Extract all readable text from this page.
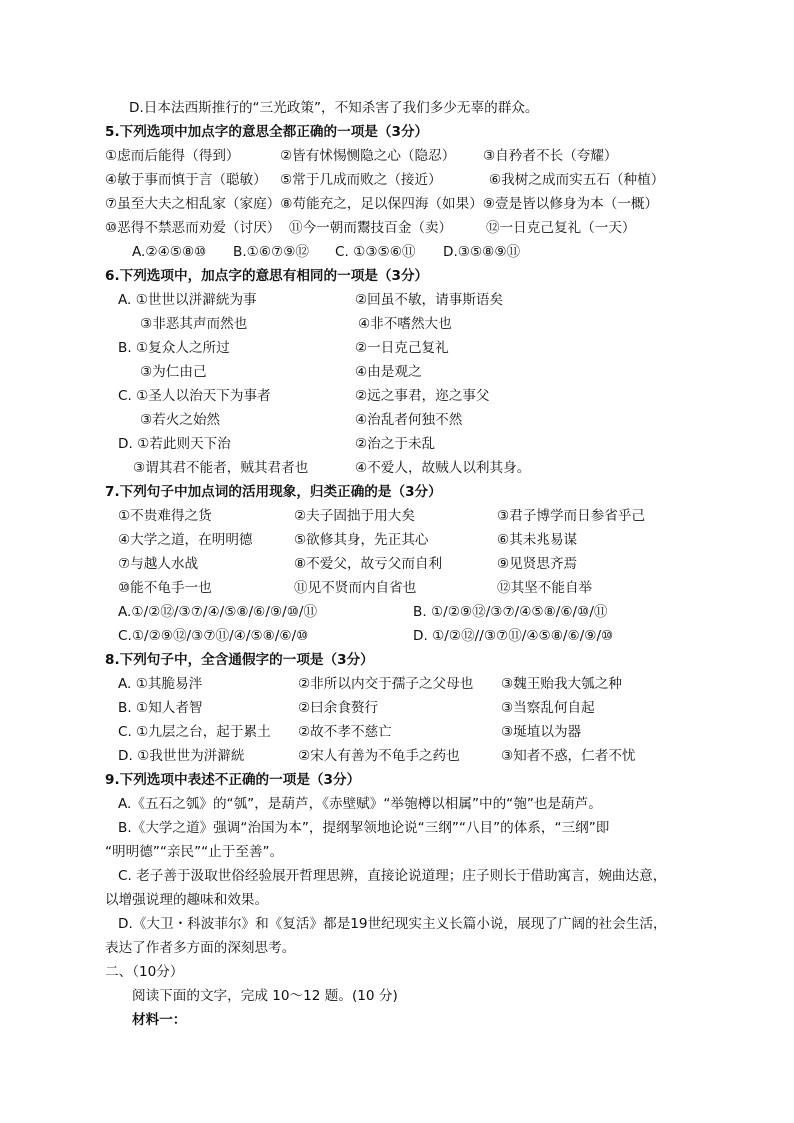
D.日本法西斯推行的“三光政策”，不知杀害了我们多少无辜的群众。
5.下列选项中加点字的意思全都正确的一项是（3分）
①虑而后能得（得到）	②皆有怵惕恻隐之心（隐忍） ③自矜者不长（夸耀）
④敏于事而慎于言（聪敏） ⑤常于几成而败之（接近）	⑥我树之成而实五石（种植）
⑦虽至大夫之相乱家（家庭）⑧苟能充之，足以保四海（如果）⑨壹是皆以修身为本（一概）
⑩恶得不禁恶而劝爱（讨厌） ⑪今一朝而鬻技百金（卖） ⑫一日克己复礼（一天）
A.②④⑤⑧⑩ B.①⑥⑦⑨⑫ C. ①③⑤⑥⑪ D.③⑤⑧⑨⑪
6.下列选项中，加点字的意思有相同的一项是（3分）
A. ①世世以洴澼絖为事	②回虽不敏，请事斯语矣
③非恶其声而然也	④非不嗜然大也
B. ①复众人之所过	②一日克己复礼
③为仁由己	④由是观之
C. ①圣人以治天下为事者	②远之事君，迩之事父
③若火之始然	④治乱者何独不然
D. ①若此则天下治	②治之于未乱
③谓其君不能者，贼其君者也	④不爱人，故贼人以利其身。
7.下列句子中加点词的活用现象，归类正确的是（3分）
①不贵难得之货	②夫子固拙于用大矣	③君子博学而日参省乎己
④大学之道，在明明德	⑤欲修其身，先正其心	⑥其未兆易谋
⑦与越人水战	⑧不爱父，故亏父而自利	⑨见贤思齐焉
⑩能不龟手一也	⑪见不贤而内自省也	⑫其坚不能自举
A.①/②⑫/③⑦/④/⑤⑧/⑥/⑨/⑩/⑪	B. ①/②⑨⑫/③⑦/④⑤⑧/⑥/⑩/⑪
C.①/②⑨⑫/③⑦⑪/④/⑤⑧/⑥/⑩	D. ①/②⑫//③⑦⑪/④⑤⑧/⑥/⑨/⑩
8.下列句子中，全含通假字的一项是（3分）
A. ①其脆易泮	②非所以内交于孺子之父母也 ③魏王贻我大瓠之种
B. ①知人者智	②曰余食赘行	③当察乱何自起
C. ①九层之台，起于累土 ②故不孝不慈亡	③埏埴以为器
D. ①我世世为洴澼絖	②宋人有善为不龟手之药也	③知者不惑，仁者不忧
9.下列选项中表述不正确的一项是（3分）
A.《五石之瓠》的“瓠”，是葫芦，《赤壁赋》“举匏樽以相属”中的“匏”也是葫芦。
B.《大学之道》强调“治国为本”，提纲挈领地论说“三纲”“八目”的体系，“三纲”即
“明明德”“亲民”“止于至善”。
C. 老子善于汲取世俗经验展开哲理思辨，直接论说道理；庄子则长于借助寓言，婉曲达意，
以增强说理的趣味和效果。
D.《大卫・科波菲尔》和《复活》都是19世纪现实主义长篇小说，展现了广阔的社会生活，
表达了作者多方面的深刻思考。
二、（10分）
阅读下面的文字，完成 10～12 题。(10 分)
材料一：
